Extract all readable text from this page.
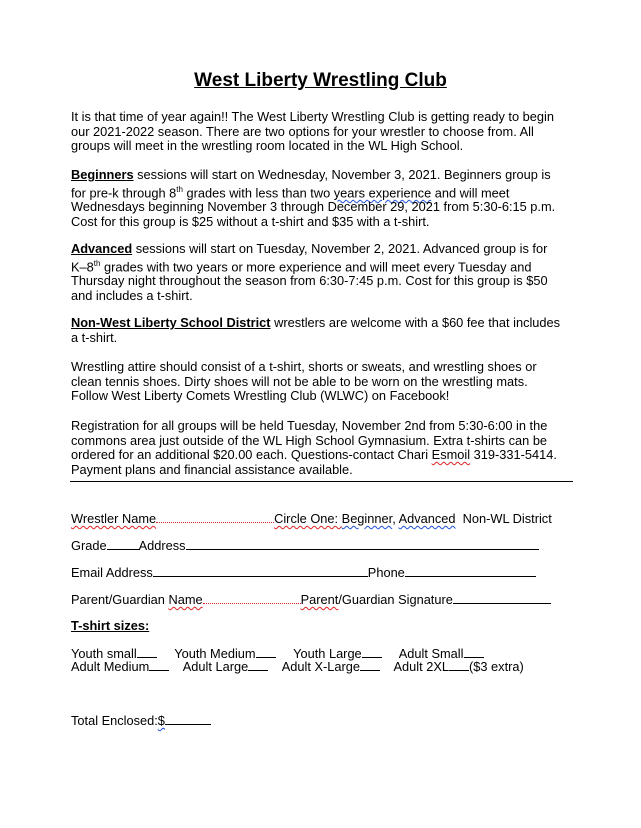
West Liberty Wrestling Club
It is that time of year again!! The West Liberty Wrestling Club is getting ready to begin our 2021-2022 season. There are two options for your wrestler to choose from. All groups will meet in the wrestling room located in the WL High School.
Beginners sessions will start on Wednesday, November 3, 2021. Beginners group is for pre-k through 8th grades with less than two years experience and will meet Wednesdays beginning November 3 through December 29, 2021 from 5:30-6:15 p.m. Cost for this group is $25 without a t-shirt and $35 with a t-shirt.
Advanced sessions will start on Tuesday, November 2, 2021. Advanced group is for K–8th grades with two years or more experience and will meet every Tuesday and Thursday night throughout the season from 6:30-7:45 p.m. Cost for this group is $50 and includes a t-shirt.
Non-West Liberty School District wrestlers are welcome with a $60 fee that includes a t-shirt.
Wrestling attire should consist of a t-shirt, shorts or sweats, and wrestling shoes or clean tennis shoes. Dirty shoes will not be able to be worn on the wrestling mats. Follow West Liberty Comets Wrestling Club (WLWC) on Facebook!
Registration for all groups will be held Tuesday, November 2nd from 5:30-6:00 in the commons area just outside of the WL High School Gymnasium. Extra t-shirts can be ordered for an additional $20.00 each. Questions-contact Chari Esmoil 319-331-5414. Payment plans and financial assistance available.
Wrestler Name	Circle One: Beginner, Advanced Non-WL District
Grade	Address
Email Address	Phone
Parent/Guardian Name	Parent/Guardian Signature
T-shirt sizes:
Youth small	Youth Medium	Youth Large	Adult Small
Adult Medium	Adult Large	Adult X-Large	Adult 2XL ($3 extra)
Total Enclosed:$
